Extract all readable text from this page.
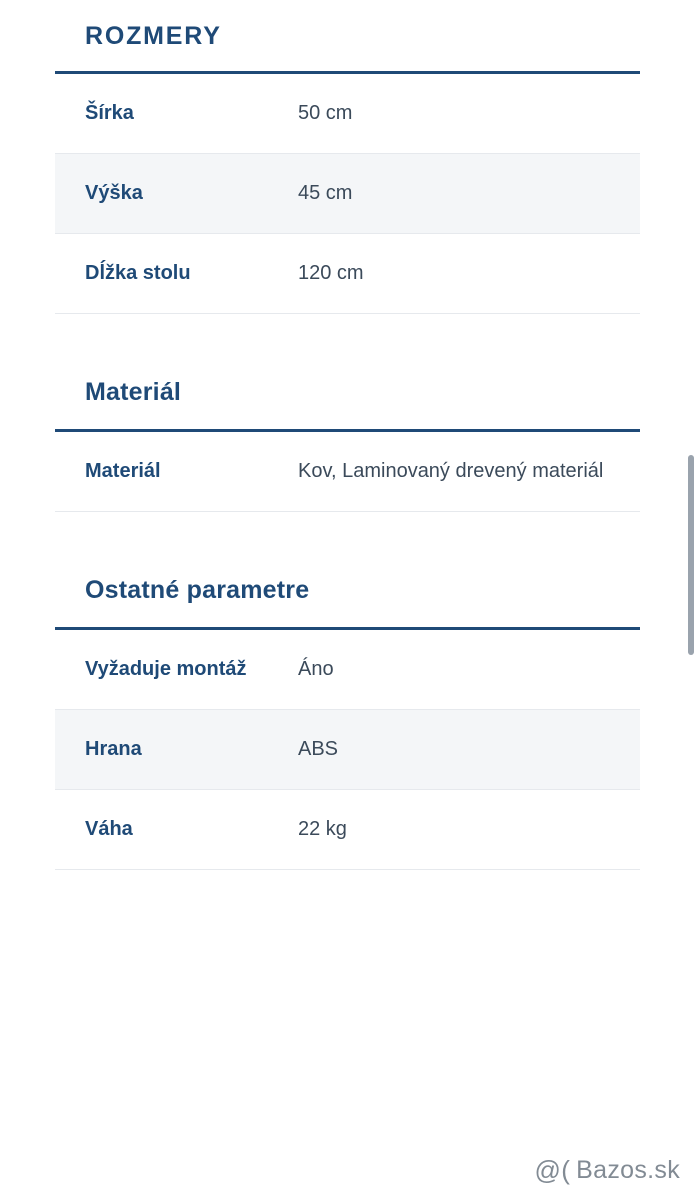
ROZMERY
Šírka	50 cm
Výška	45 cm
Dĺžka stolu	120 cm
Materiál
Materiál	Kov, Laminovaný drevený materiál
Ostatné parametre
Vyžaduje montáž	Áno
Hrana	ABS
Váha	22 kg
@( Bazos.sk
